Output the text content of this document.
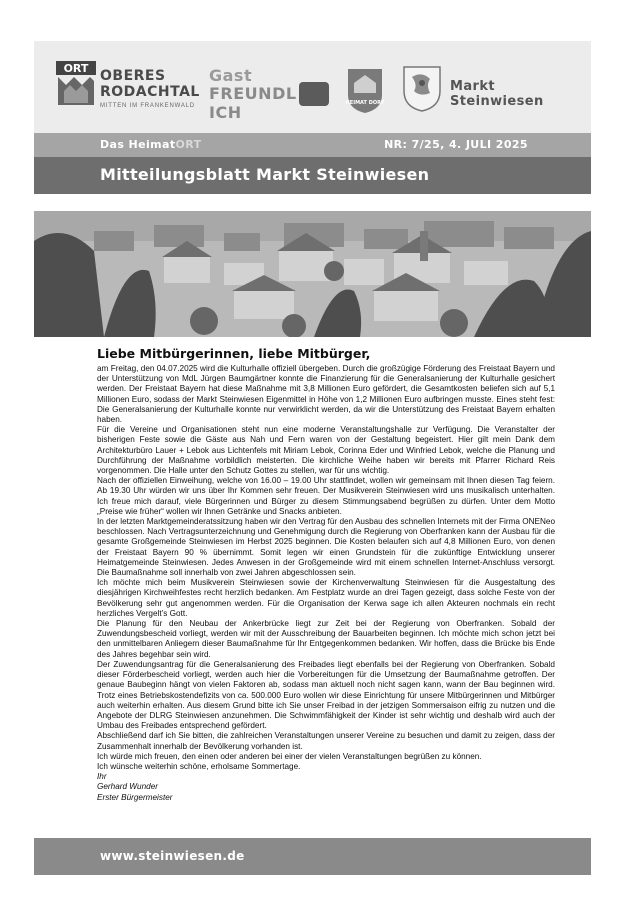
ORT OBERES
RODACHTAL
MITTEN IM FRANKENWALD
Gast
FREUNDL ICH	HEIMAT DORF
Markt Steinwiesen
Das HeimatORT	NR: 7/25, 4. JULI 2025
Mitteilungsblatt Markt Steinwiesen
Liebe Mitbürgerinnen, liebe Mitbürger,

am Freitag, den 04.07.2025 wird die Kulturhalle offiziell übergeben. Durch die großzügige Förderung des Freistaat Bayern und der Unterstützung von MdL Jürgen Baumgärtner konnte die Finanzierung für die Generalsanierung der Kulturhalle gesichert werden. Der Freistaat Bayern hat diese Maßnahme mit 3,8 Millionen Euro gefördert, die Gesamtkosten beliefen sich auf 5,1 Millionen Euro, sodass der Markt Steinwiesen Eigenmittel in Höhe von 1,2 Millionen Euro aufbringen musste. Eines steht fest: Die Generalsanierung der Kulturhalle konnte nur verwirklicht werden, da wir die Unterstützung des Freistaat Bayern erhalten haben.

Für die Vereine und Organisationen steht nun eine moderne Veranstaltungshalle zur Verfügung. Die Veranstalter der bisherigen Feste sowie die Gäste aus Nah und Fern waren von der Gestaltung begeistert. Hier gilt mein Dank dem Architekturbüro Lauer + Lebok aus Lichtenfels mit Miriam Lebok, Corinna Eder und Winfried Lebok, welche die Planung und Durchführung der Maßnahme vorbildlich meisterten. Die kirchliche Weihe haben wir bereits mit Pfarrer Richard Reis vorgenommen. Die Halle unter den Schutz Gottes zu stellen, war für uns wichtig.

Nach der offiziellen Einweihung, welche von 16.00 – 19.00 Uhr stattfindet, wollen wir gemeinsam mit Ihnen diesen Tag feiern. Ab 19.30 Uhr würden wir uns über Ihr Kommen sehr freuen. Der Musikverein Steinwiesen wird uns musikalisch unterhalten. Ich freue mich darauf, viele Bürgerinnen und Bürger zu diesem Stimmungsabend begrüßen zu dürfen. Unter dem Motto „Preise wie früher“ wollen wir Ihnen Getränke und Snacks anbieten.

In der letzten Marktgemeinderatssitzung haben wir den Vertrag für den Ausbau des schnellen Internets mit der Firma ONENeo beschlossen. Nach Vertragsunterzeichnung und Genehmigung durch die Regierung von Oberfranken kann der Ausbau für die gesamte Großgemeinde Steinwiesen im Herbst 2025 beginnen. Die Kosten belaufen sich auf 4,8 Millionen Euro, von denen der Freistaat Bayern 90 % übernimmt. Somit legen wir einen Grundstein für die zukünftige Entwicklung unserer Heimatgemeinde Steinwiesen. Jedes Anwesen in der Großgemeinde wird mit einem schnellen Internet-Anschluss versorgt. Die Baumaßnahme soll innerhalb von zwei Jahren abgeschlossen sein.

Ich möchte mich beim Musikverein Steinwiesen sowie der Kirchenverwaltung Steinwiesen für die Ausgestaltung des diesjährigen Kirchweihfestes recht herzlich bedanken. Am Festplatz wurde an drei Tagen gezeigt, dass solche Feste von der Bevölkerung sehr gut angenommen werden. Für die Organisation der Kerwa sage ich allen Akteuren nochmals ein recht herzliches Vergelt’s Gott.

Die Planung für den Neubau der Ankerbrücke liegt zur Zeit bei der Regierung von Oberfranken. Sobald der Zuwendungsbescheid vorliegt, werden wir mit der Ausschreibung der Bauarbeiten beginnen. Ich möchte mich schon jetzt bei den unmittelbaren Anliegern dieser Baumaßnahme für Ihr Entgegenkommen bedanken. Wir hoffen, dass die Brücke bis Ende des Jahres begehbar sein wird.

Der Zuwendungsantrag für die Generalsanierung des Freibades liegt ebenfalls bei der Regierung von Oberfranken. Sobald dieser Förderbescheid vorliegt, werden auch hier die Vorbereitungen für die Umsetzung der Baumaßnahme getroffen. Der genaue Baubeginn hängt von vielen Faktoren ab, sodass man aktuell noch nicht sagen kann, wann der Bau beginnen wird. Trotz eines Betriebskostendefizits von ca. 500.000 Euro wollen wir diese Einrichtung für unsere Mitbürgerinnen und Mitbürger auch weiterhin erhalten. Aus diesem Grund bitte ich Sie unser Freibad in der jetzigen Sommersaison eifrig zu nutzen und die Angebote der DLRG Steinwiesen anzunehmen. Die Schwimmfähigkeit der Kinder ist sehr wichtig und deshalb wird auch der Umbau des Freibades entsprechend gefördert.

Abschließend darf ich Sie bitten, die zahlreichen Veranstaltungen unserer Vereine zu besuchen und damit zu zeigen, dass der Zusammenhalt innerhalb der Bevölkerung vorhanden ist.

Ich würde mich freuen, den einen oder anderen bei einer der vielen Veranstaltungen begrüßen zu können.

Ich wünsche weiterhin schöne, erholsame Sommertage.

Ihr

Gerhard Wunder

Erster Bürgermeister

www.steinwiesen.de
